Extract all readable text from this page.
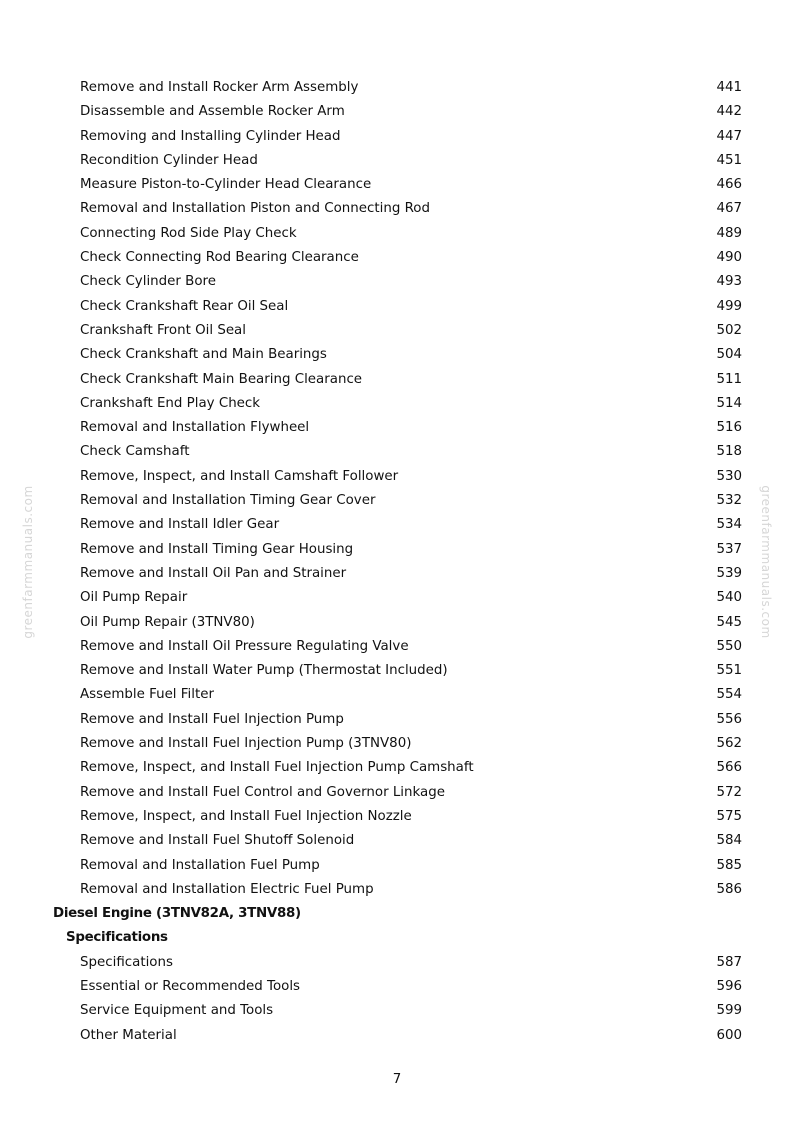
Remove and Install Rocker Arm Assembly	441
Disassemble and Assemble Rocker Arm	442
Removing and Installing Cylinder Head	447
Recondition Cylinder Head	451
Measure Piston-to-Cylinder Head Clearance	466
Removal and Installation Piston and Connecting Rod	467
Connecting Rod Side Play Check	489
Check Connecting Rod Bearing Clearance	490
Check Cylinder Bore	493
Check Crankshaft Rear Oil Seal	499
Crankshaft Front Oil Seal	502
Check Crankshaft and Main Bearings	504
Check Crankshaft Main Bearing Clearance	511
Crankshaft End Play Check	514
Removal and Installation Flywheel	516
Check Camshaft	518
Remove, Inspect, and Install Camshaft Follower	530
Removal and Installation Timing Gear Cover	532
Remove and Install Idler Gear	534
Remove and Install Timing Gear Housing	537
Remove and Install Oil Pan and Strainer	539
Oil Pump Repair	540
Oil Pump Repair (3TNV80)	545
Remove and Install Oil Pressure Regulating Valve	550
Remove and Install Water Pump (Thermostat Included)	551
Assemble Fuel Filter	554
Remove and Install Fuel Injection Pump	556
Remove and Install Fuel Injection Pump (3TNV80)	562
Remove, Inspect, and Install Fuel Injection Pump Camshaft	566
Remove and Install Fuel Control and Governor Linkage	572
Remove, Inspect, and Install Fuel Injection Nozzle	575
Remove and Install Fuel Shutoff Solenoid	584
Removal and Installation Fuel Pump	585
Removal and Installation Electric Fuel Pump	586
Diesel Engine (3TNV82A, 3TNV88)
Specifications
Specifications	587
Essential or Recommended Tools	596
Service Equipment and Tools	599
Other Material	600
greenfarmmanuals.com	greenfarmmanuals.com
7
